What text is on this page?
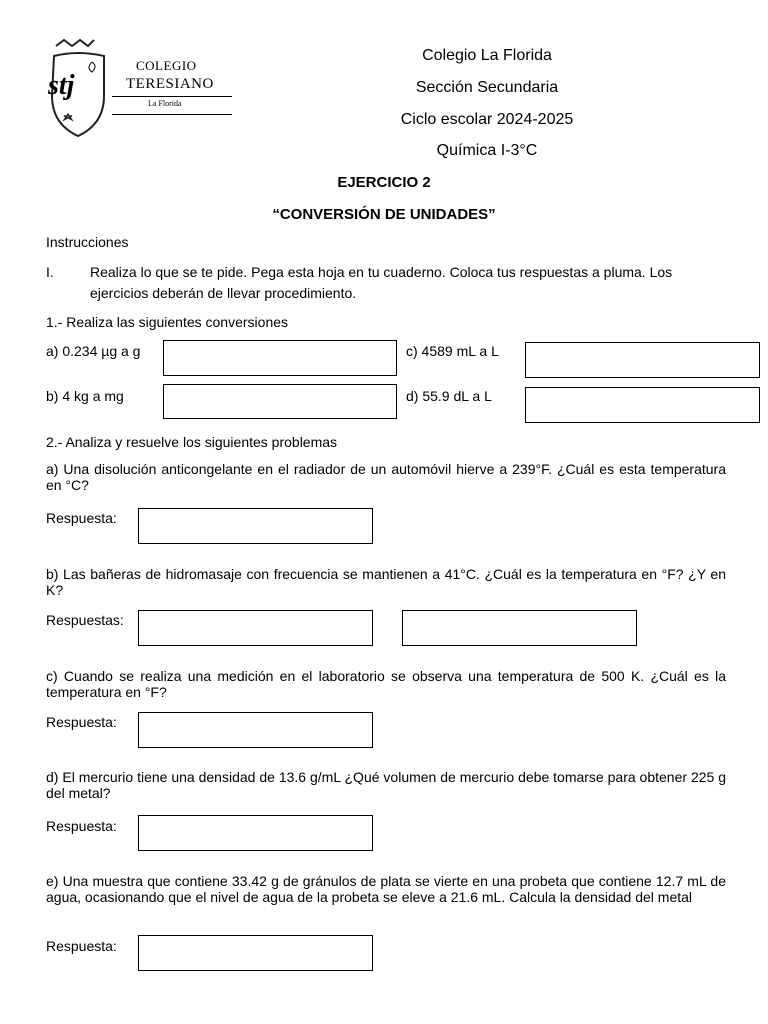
stj
COLEGIO
TERESIANO
La Florida
Colegio La Florida
Sección Secundaria
Ciclo escolar 2024-2025
Química I-3°C
EJERCICIO 2
“CONVERSIÓN DE UNIDADES”
Instrucciones
I.	Realiza lo que se te pide. Pega esta hoja en tu cuaderno. Coloca tus respuestas a pluma. Los
ejercicios deberán de llevar procedimiento.
1.- Realiza las siguientes conversiones
a) 0.234 µg a g	c) 4589 mL a L
b) 4 kg a mg	d) 55.9 dL a L
2.- Analiza y resuelve los siguientes problemas
a) Una disolución anticongelante en el radiador de un automóvil hierve a 239°F. ¿Cuál es esta temperatura en °C?
Respuesta:
b) Las bañeras de hidromasaje con frecuencia se mantienen a 41°C. ¿Cuál es la temperatura en °F? ¿Y en K?
Respuestas:
c) Cuando se realiza una medición en el laboratorio se observa una temperatura de 500 K. ¿Cuál es la temperatura en °F?
Respuesta:
d) El mercurio tiene una densidad de 13.6 g/mL ¿Qué volumen de mercurio debe tomarse para obtener 225 g del metal?
Respuesta:
e) Una muestra que contiene 33.42 g de gránulos de plata se vierte en una probeta que contiene 12.7 mL de agua, ocasionando que el nivel de agua de la probeta se eleve a 21.6 mL. Calcula la densidad del metal
Respuesta:
